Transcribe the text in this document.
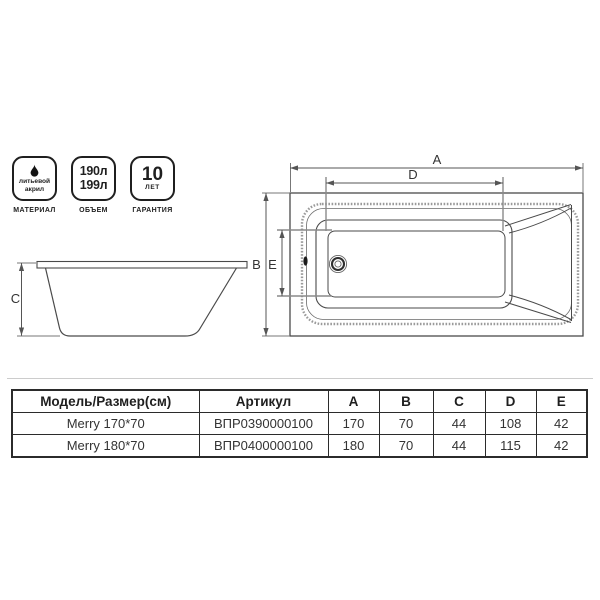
литьевой
акрил
МАТЕРИАЛ
190л
199л
ОБЪЕМ
10
ЛЕТ
ГАРАНТИЯ
A
D
B E
C
Модель/Размер(см)	Артикул	A	B	C	D	E
Merry 170*70	ВПР0390000100	170	70	44	108	42
Merry 180*70	ВПР0400000100	180	70	44	115	42
